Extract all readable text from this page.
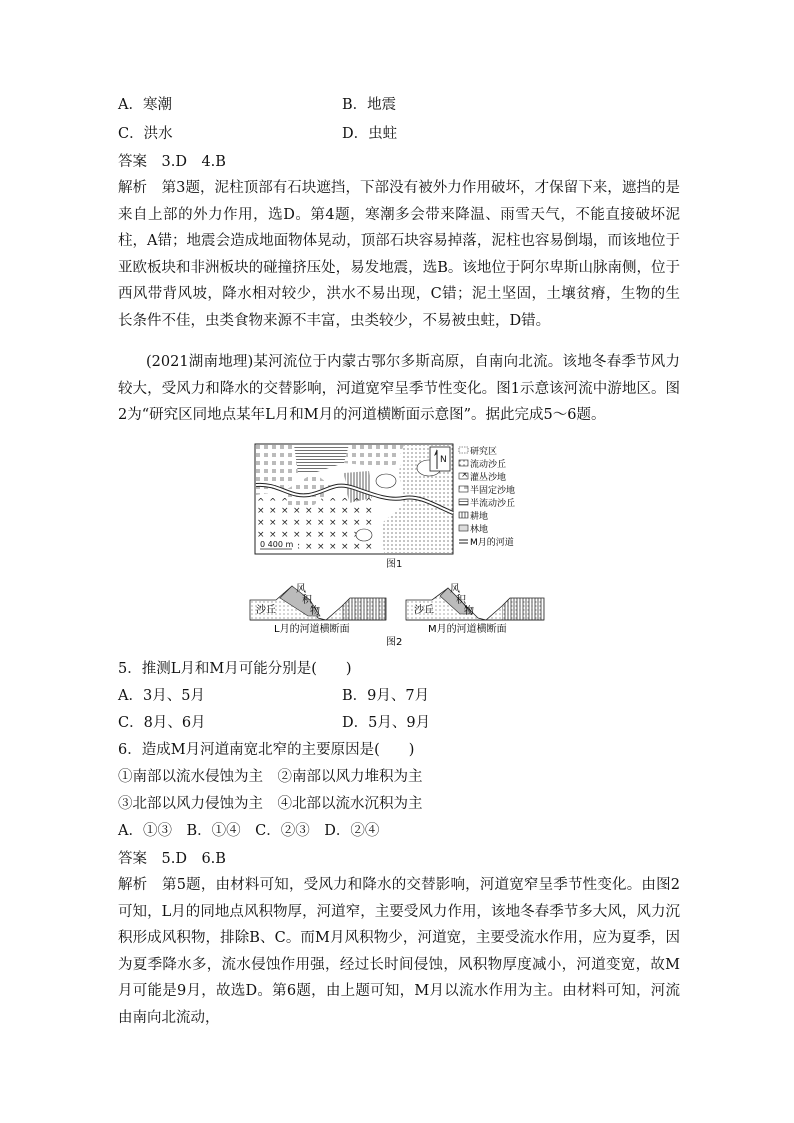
A．寒潮	B．地震
C．洪水	D．虫蛀
答案　3.D　4.B
解析　第3题，泥柱顶部有石块遮挡，下部没有被外力作用破坏，才保留下来，遮挡的是来自上部的外力作用，选D。第4题，寒潮多会带来降温、雨雪天气，不能直接破坏泥柱，A错；地震会造成地面物体晃动，顶部石块容易掉落，泥柱也容易倒塌，而该地位于亚欧板块和非洲板块的碰撞挤压处，易发地震，选B。该地位于阿尔卑斯山脉南侧，位于西风带背风坡，降水相对较少，洪水不易出现，C错；泥土坚固，土壤贫瘠，生物的生长条件不佳，虫类食物来源不丰富，虫类较少，不易被虫蛀，D错。
(2021湖南地理)某河流位于内蒙古鄂尔多斯高原，自南向北流。该地冬春季节风力较大，受风力和降水的交替影响，河道宽窄呈季节性变化。图1示意该河流中游地区。图2为“研究区同地点某年L月和M月的河道横断面示意图”。据此完成5～6题。
N
0 400 m
研究区
流动沙丘
灌丛沙地
半固定沙地
半流动沙丘
耕地
林地
M月的河道
图1
沙丘
风
积
物
L月的河道横断面
沙丘
风
积
物
M月的河道横断面
图2
5．推测L月和M月可能分别是(　　)
A．3月、5月	B．9月、7月
C．8月、6月	D．5月、9月
6．造成M月河道南宽北窄的主要原因是(　　)
①南部以流水侵蚀为主　②南部以风力堆积为主
③北部以风力侵蚀为主　④北部以流水沉积为主
A．①③　B．①④　C．②③　D．②④
答案　5.D　6.B
解析　第5题，由材料可知，受风力和降水的交替影响，河道宽窄呈季节性变化。由图2可知，L月的同地点风积物厚，河道窄，主要受风力作用，该地冬春季节多大风，风力沉积形成风积物，排除B、C。而M月风积物少，河道宽，主要受流水作用，应为夏季，因为夏季降水多，流水侵蚀作用强，经过长时间侵蚀，风积物厚度减小，河道变宽，故M月可能是9月，故选D。第6题，由上题可知，M月以流水作用为主。由材料可知，河流由南向北流动，
